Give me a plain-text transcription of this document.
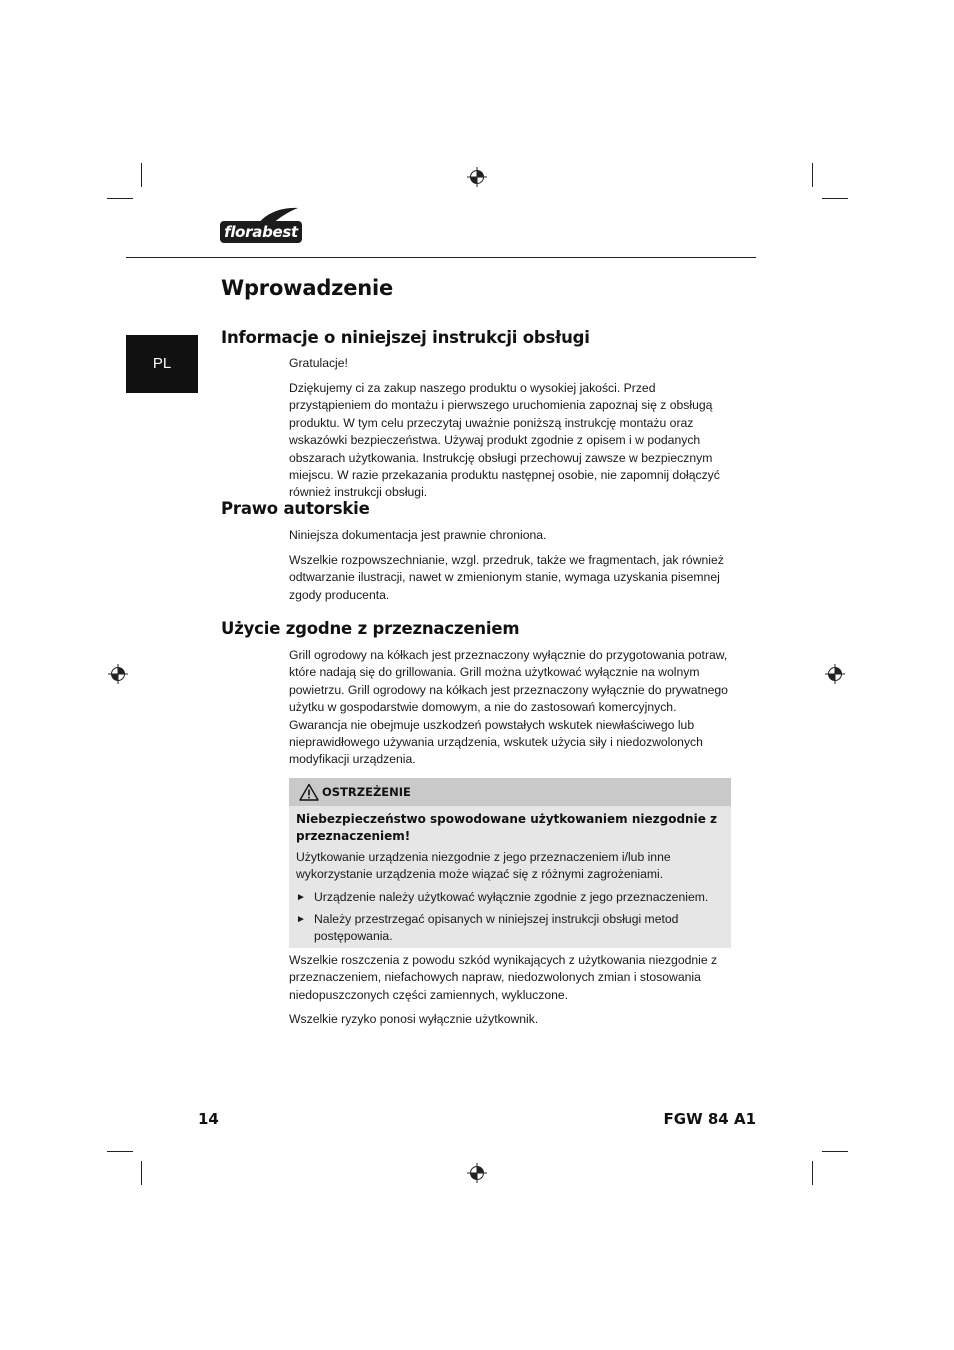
florabest
PL
Wprowadzenie
Informacje o niniejszej instrukcji obsługi

Gratulacje!

Dziękujemy ci za zakup naszego produktu o wysokiej jakości. Przed przystąpieniem do montażu i pierwszego uruchomienia zapoznaj się z obsługą produktu. W tym celu przeczytaj uważnie poniższą instrukcję montażu oraz wskazówki bezpieczeństwa. Używaj produkt zgodnie z opisem i w podanych obszarach użytkowania. Instrukcję obsługi przechowuj zawsze w bezpiecznym miejscu. W razie przekazania produktu następnej osobie, nie zapomnij dołączyć również instrukcji obsługi.

Prawo autorskie

Niniejsza dokumentacja jest prawnie chroniona.

Wszelkie rozpowszechnianie, wzgl. przedruk, także we fragmentach, jak również odtwarzanie ilustracji, nawet w zmienionym stanie, wymaga uzyskania pisemnej zgody producenta.

Użycie zgodne z przeznaczeniem

Grill ogrodowy na kółkach jest przeznaczony wyłącznie do przygotowania potraw, które nadają się do grillowania. Grill można użytkować wyłącznie na wolnym powietrzu. Grill ogrodowy na kółkach jest przeznaczony wyłącznie do prywatnego użytku w gospodarstwie domowym, a nie do zastosowań komercyjnych. Gwarancja nie obejmuje uszkodzeń powstałych wskutek niewłaściwego lub nieprawidłowego używania urządzenia, wskutek użycia siły i niedozwolonych modyfikacji urządzenia.

OSTRZEŻENIE

Niebezpieczeństwo spowodowane użytkowaniem niezgodnie z przeznaczeniem!

Użytkowanie urządzenia niezgodnie z jego przeznaczeniem i/lub inne wykorzystanie urządzenia może wiązać się z różnymi zagrożeniami.

► Urządzenie należy użytkować wyłącznie zgodnie z jego przeznaczeniem.
► Należy przestrzegać opisanych w niniejszej instrukcji obsługi metod postępowania.

Wszelkie roszczenia z powodu szkód wynikających z użytkowania niezgodnie z przeznaczeniem, niefachowych napraw, niedozwolonych zmian i stosowania niedopuszczonych części zamiennych, wykluczone.

Wszelkie ryzyko ponosi wyłącznie użytkownik.

14	FGW 84 A1
